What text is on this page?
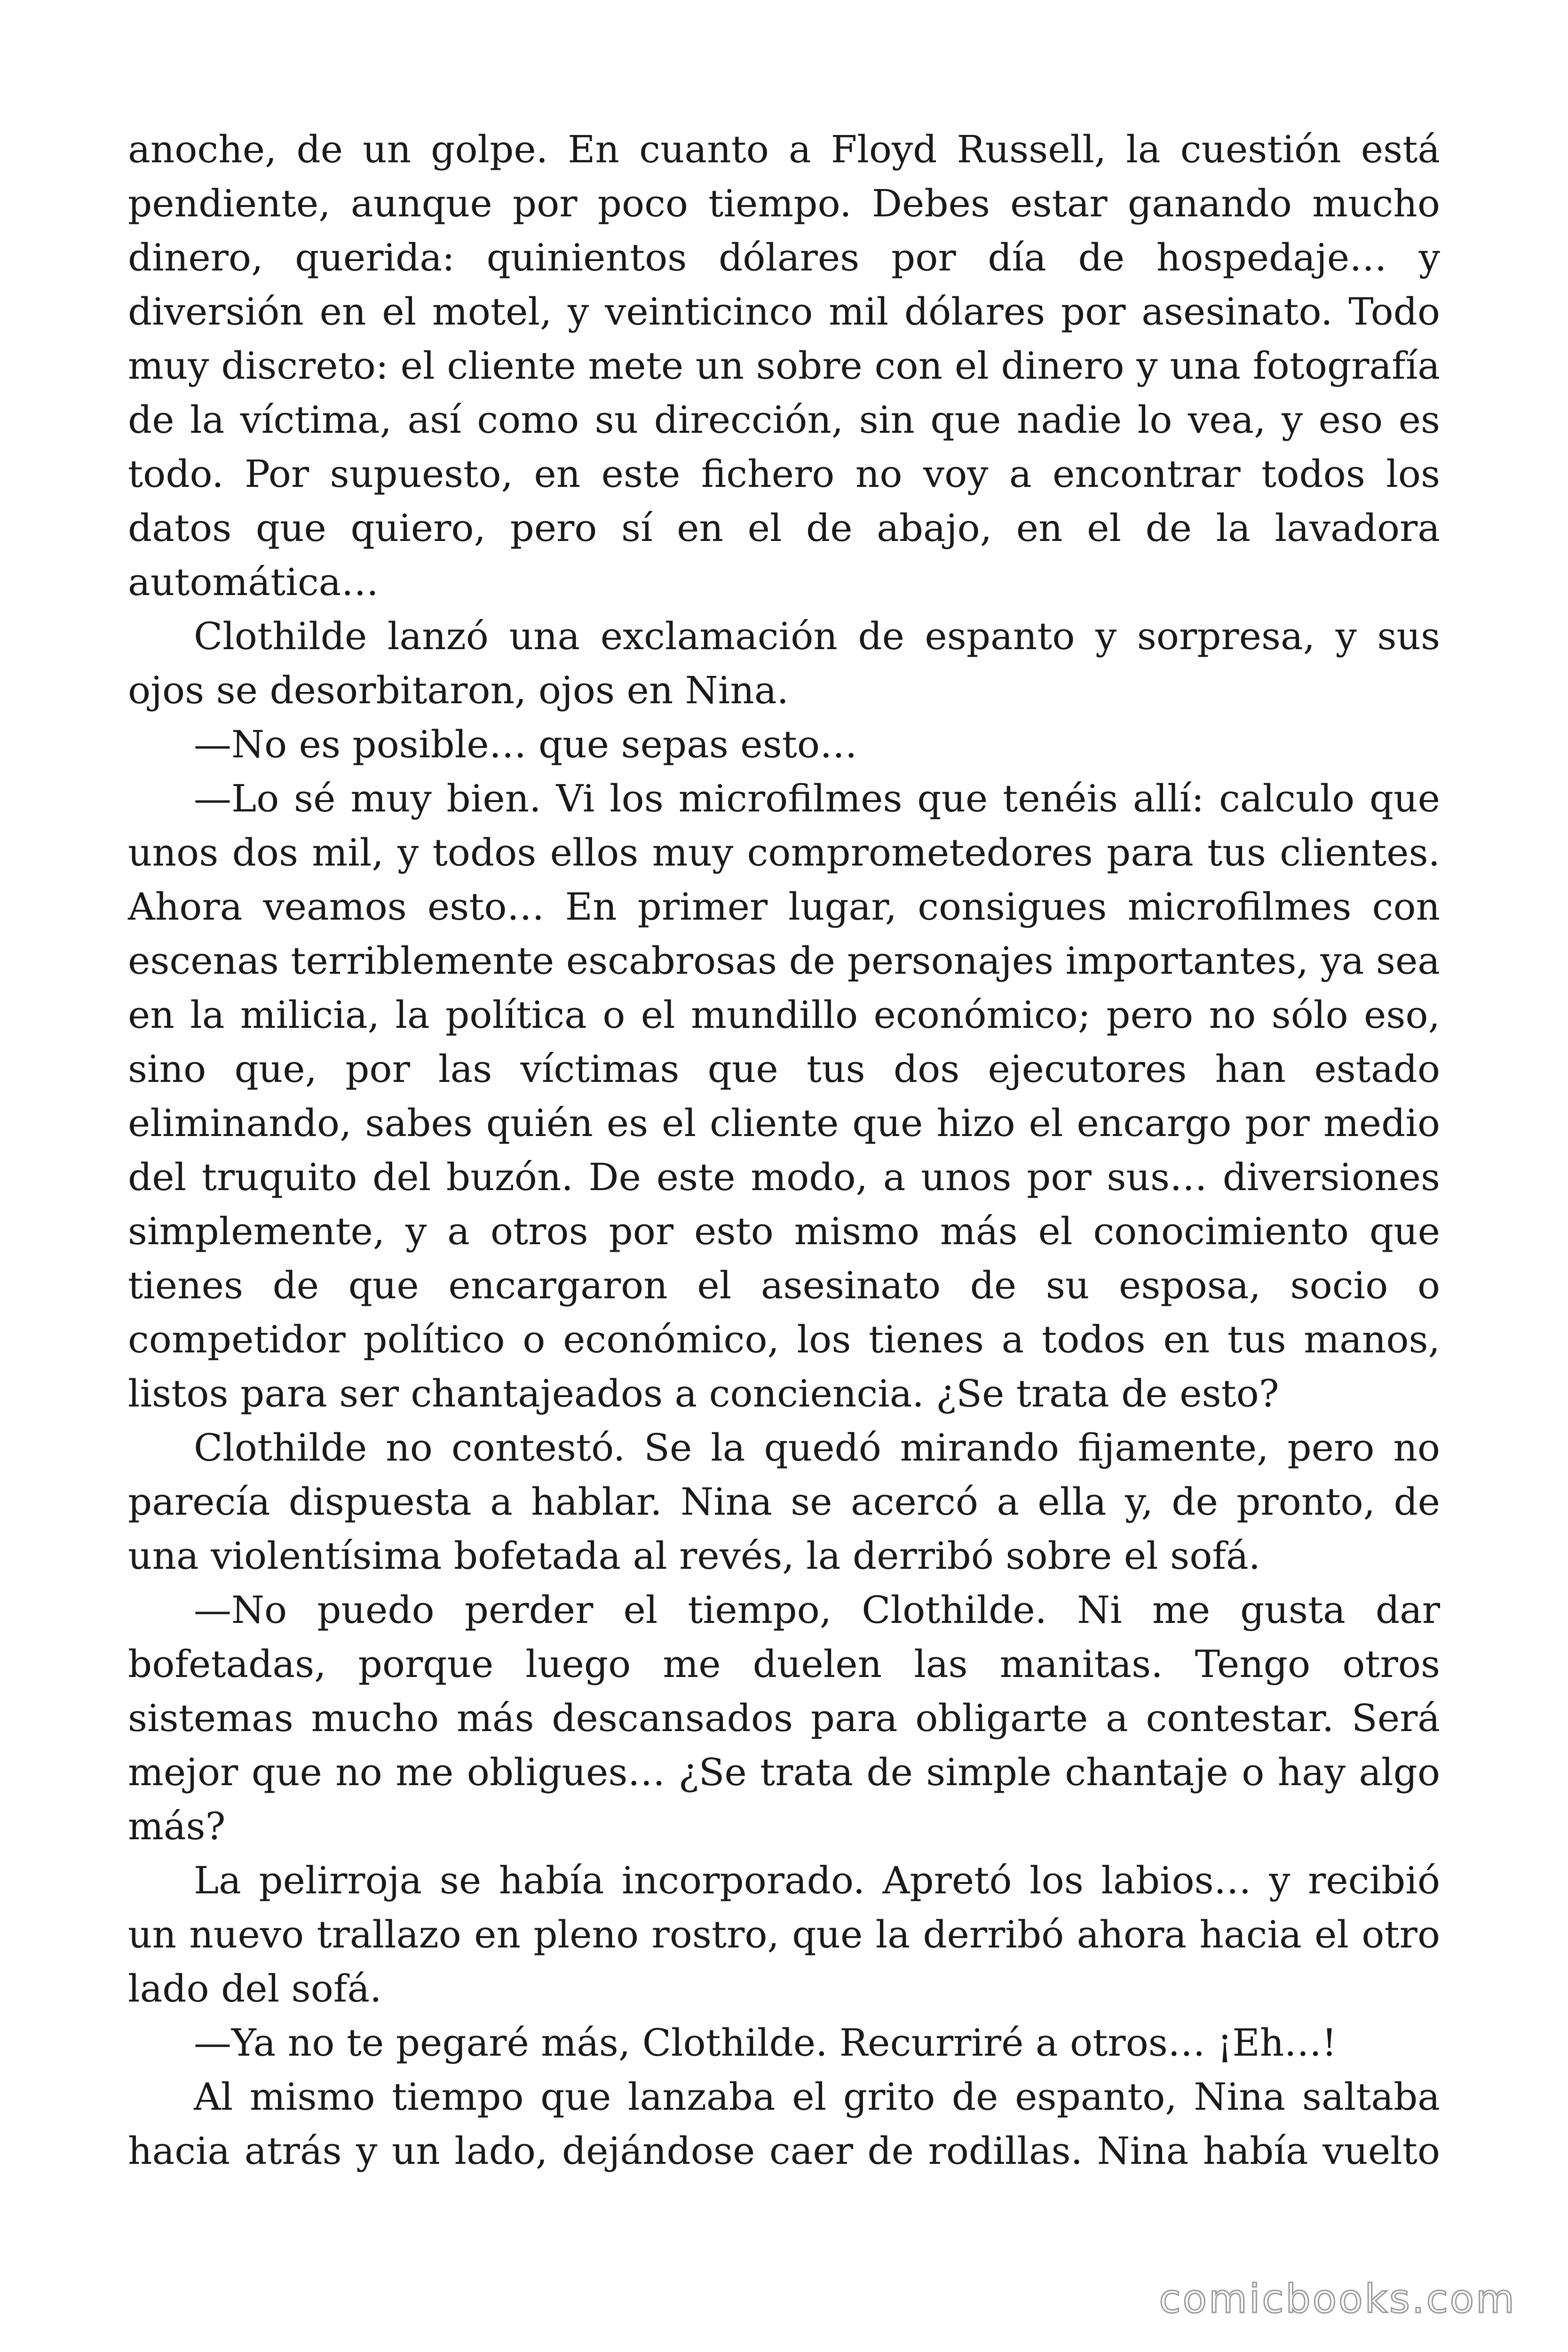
anoche, de un golpe. En cuanto a Floyd Russell, la cuestión está pendiente, aunque por poco tiempo. Debes estar ganando mucho dinero, querida: quinientos dólares por día de hospedaje… y diversión en el motel, y veinticinco mil dólares por asesinato. Todo muy discreto: el cliente mete un sobre con el dinero y una fotografía de la víctima, así como su dirección, sin que nadie lo vea, y eso es todo. Por supuesto, en este fichero no voy a encontrar todos los datos que quiero, pero sí en el de abajo, en el de la lavadora automática…

Clothilde lanzó una exclamación de espanto y sorpresa, y sus ojos se desorbitaron, ojos en Nina.

—No es posible… que sepas esto…

—Lo sé muy bien. Vi los microfilmes que tenéis allí: calculo que unos dos mil, y todos ellos muy comprometedores para tus clientes. Ahora veamos esto… En primer lugar, consigues microfilmes con escenas terriblemente escabrosas de personajes importantes, ya sea en la milicia, la política o el mundillo económico; pero no sólo eso, sino que, por las víctimas que tus dos ejecutores han estado eliminando, sabes quién es el cliente que hizo el encargo por medio del truquito del buzón. De este modo, a unos por sus… diversiones simplemente, y a otros por esto mismo más el conocimiento que tienes de que encargaron el asesinato de su esposa, socio o competidor político o económico, los tienes a todos en tus manos, listos para ser chantajeados a conciencia. ¿Se trata de esto?

Clothilde no contestó. Se la quedó mirando fijamente, pero no parecía dispuesta a hablar. Nina se acercó a ella y, de pronto, de una violentísima bofetada al revés, la derribó sobre el sofá.

—No puedo perder el tiempo, Clothilde. Ni me gusta dar bofetadas, porque luego me duelen las manitas. Tengo otros sistemas mucho más descansados para obligarte a contestar. Será mejor que no me obligues… ¿Se trata de simple chantaje o hay algo más?

La pelirroja se había incorporado. Apretó los labios… y recibió un nuevo trallazo en pleno rostro, que la derribó ahora hacia el otro lado del sofá.

—Ya no te pegaré más, Clothilde. Recurriré a otros… ¡Eh…!

Al mismo tiempo que lanzaba el grito de espanto, Nina saltaba hacia atrás y un lado, dejándose caer de rodillas. Nina había vuelto

comicbooks.com
